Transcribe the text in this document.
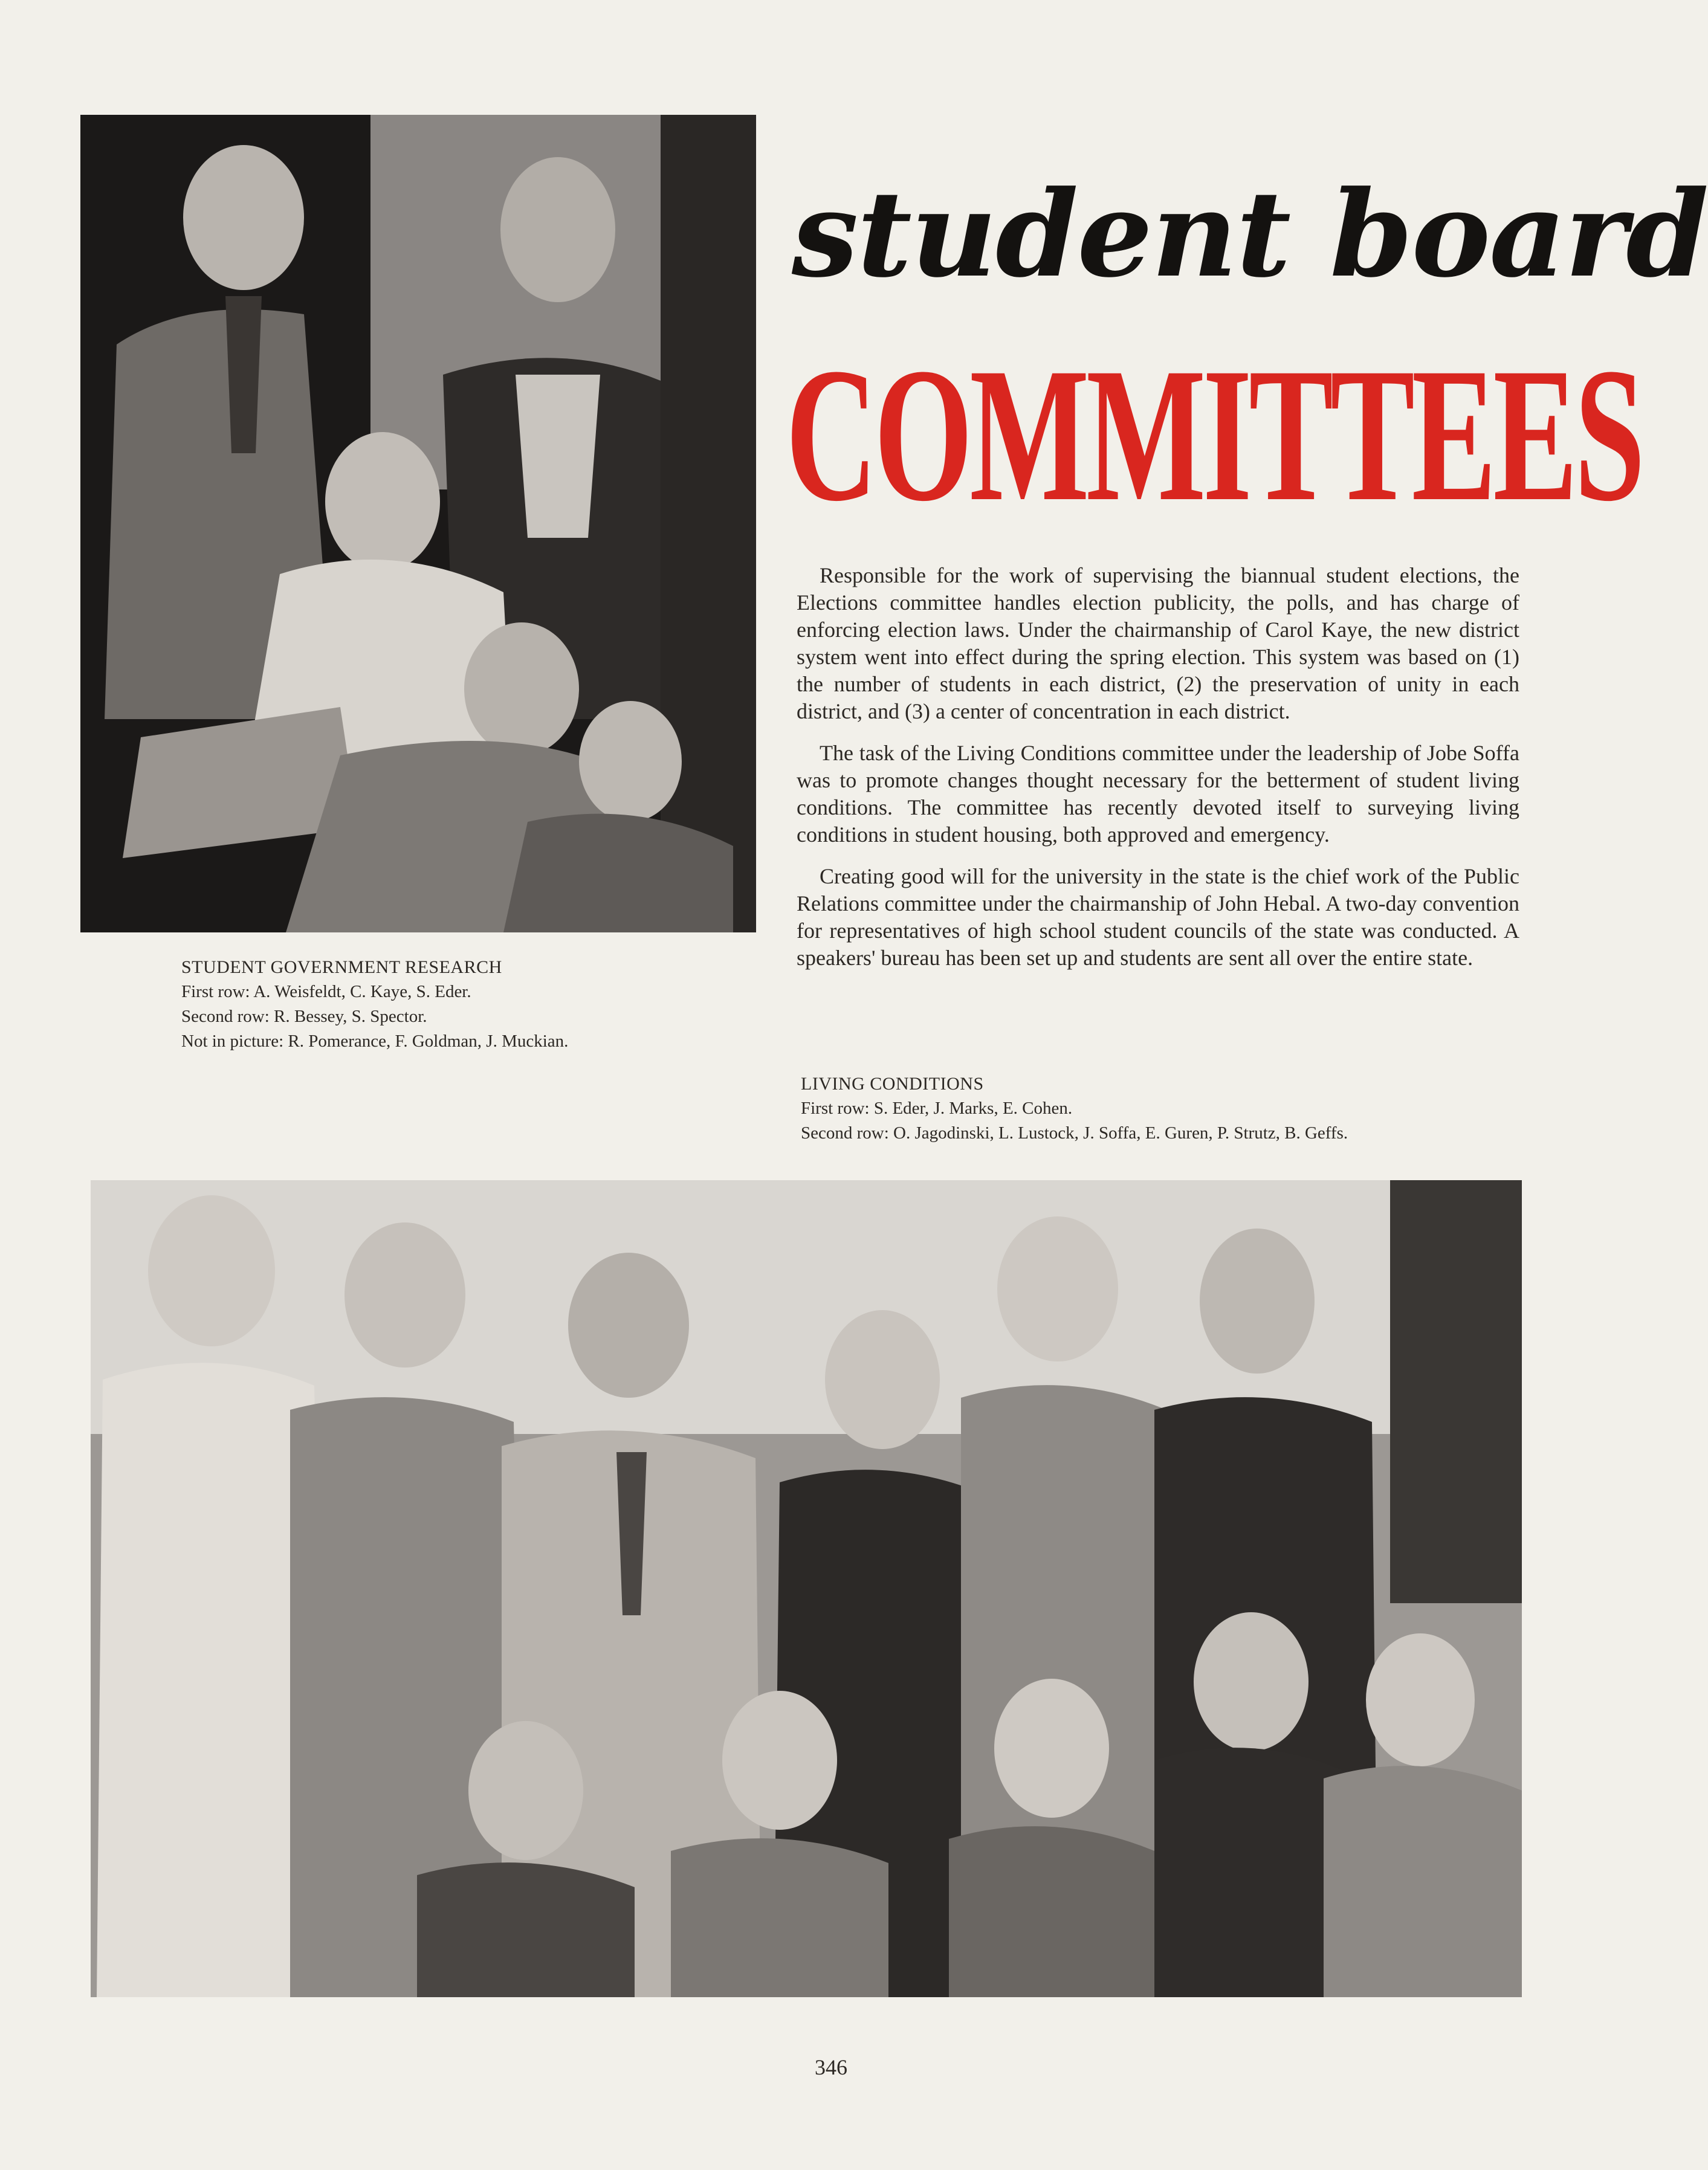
student board
COMMITTEES

Responsible for the work of supervising the biannual student elections, the Elections committee handles election publicity, the polls, and has charge of enforcing election laws. Under the chairmanship of Carol Kaye, the new district system went into effect during the spring election. This system was based on (1) the number of students in each district, (2) the preservation of unity in each district, and (3) a center of concentration in each district.

The task of the Living Conditions committee under the leadership of Jobe Soffa was to promote changes thought necessary for the betterment of student living conditions. The committee has recently devoted itself to surveying living conditions in student housing, both approved and emergency.

Creating good will for the university in the state is the chief work of the Public Relations committee under the chairmanship of John Hebal. A two-day convention for representatives of high school student councils of the state was conducted. A speakers' bureau has been set up and students are sent all over the entire state.

STUDENT GOVERNMENT RESEARCH
First row: A. Weisfeldt, C. Kaye, S. Eder.
Second row: R. Bessey, S. Spector.
Not in picture: R. Pomerance, F. Goldman, J. Muckian.
LIVING CONDITIONS
First row: S. Eder, J. Marks, E. Cohen.
Second row: O. Jagodinski, L. Lustock, J. Soffa, E. Guren, P. Strutz, B. Geffs.
346
